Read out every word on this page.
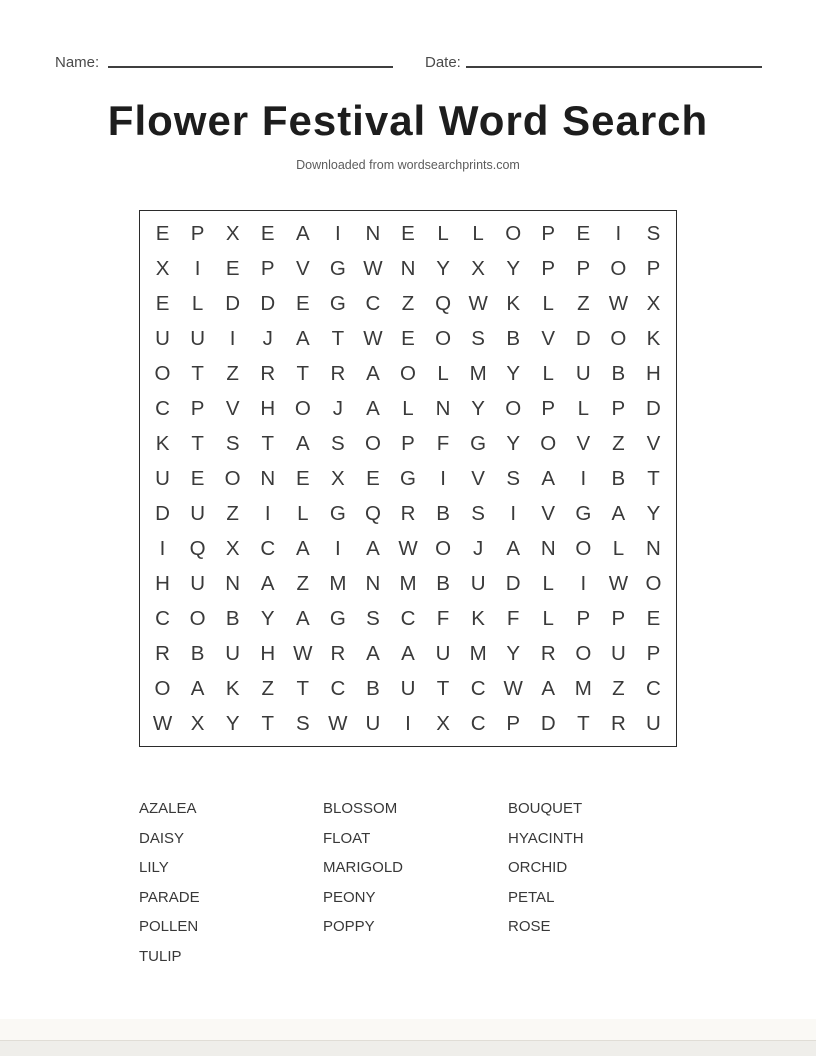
Name:	Date:
Flower Festival Word Search
Downloaded from wordsearchprints.com
E	P	X	E	A	I	N	E	L	L	O P	E	I	S
X	I	E	P	V G W N	Y	X	Y	P	P O P
E	L	D D	E G C	Z	Q W K	L	Z W X
U U	I	J	A	T W E O S	B	V	D O K
O	T	Z	R	T	R	A O	L	M Y	L	U	B	H
C	P	V	H O	J	A	L	N	Y O P	L	P	D
K	T	S	T	A	S O P	F	G Y O V	Z	V
U	E O N	E	X	E G	I	V	S	A	I	B	T
D U	Z	I	L	G Q R	B	S	I	V G A	Y
I	Q X	C	A	I	A W O	J	A	N O	L	N
H U N	A	Z M N M B	U D	L	I	W O
C O B	Y	A G S	C	F	K	F	L	P	P	E
R	B	U H W R	A	A	U M Y	R O U	P
O A	K	Z	T	C	B	U	T	C W A M Z	C
W X	Y	T	S W U	I	X	C	P	D	T	R U
AZALEA
DAISY
LILY
PARADE
POLLEN
TULIP
BLOSSOM
FLOAT
MARIGOLD
PEONY
POPPY
BOUQUET
HYACINTH
ORCHID
PETAL
ROSE
